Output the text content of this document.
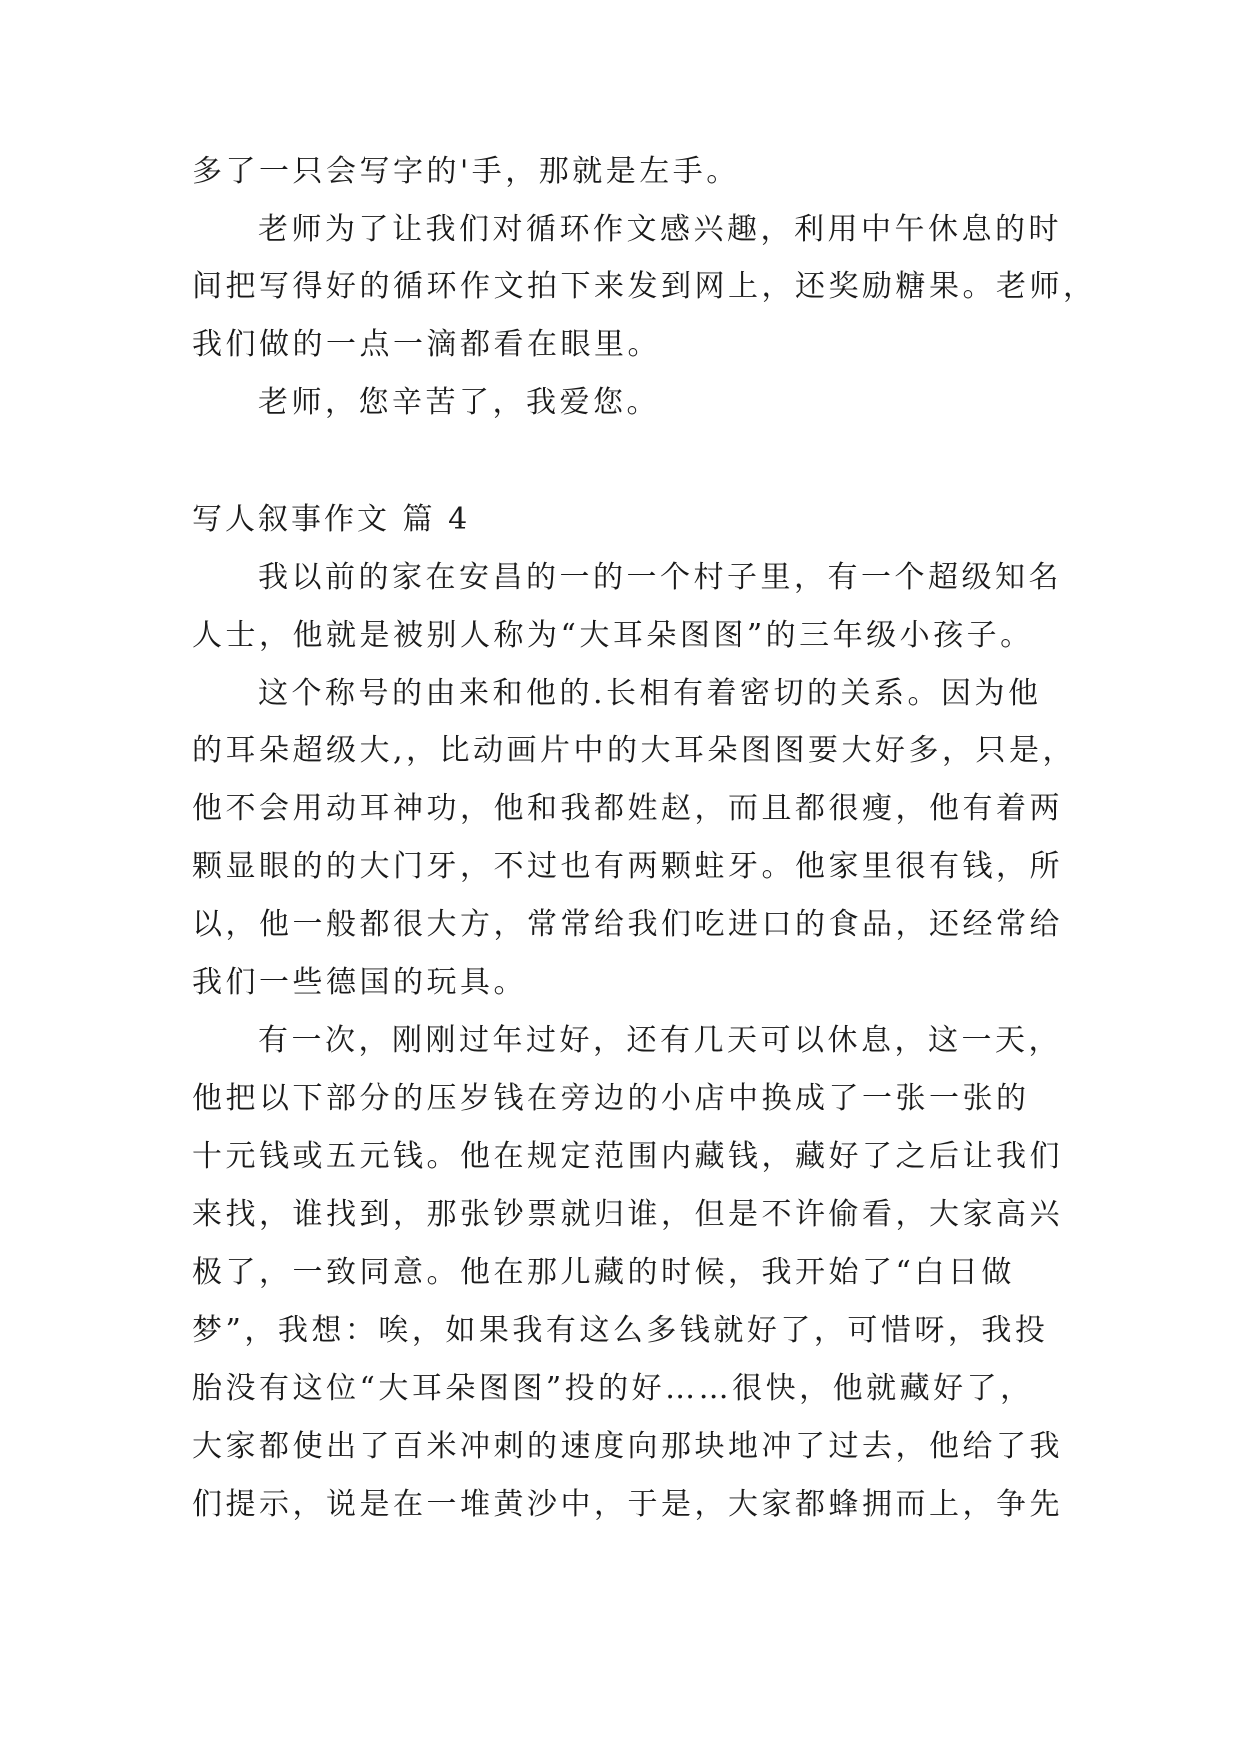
多了一只会写字的'手，那就是左手。
老师为了让我们对循环作文感兴趣，利用中午休息的时
间把写得好的循环作文拍下来发到网上，还奖励糖果。老师，
我们做的一点一滴都看在眼里。
老师，您辛苦了，我爱您。
写人叙事作文 篇 4
我以前的家在安昌的一的一个村子里，有一个超级知名
人士，他就是被别人称为“大耳朵图图”的三年级小孩子。
这个称号的由来和他的.长相有着密切的关系。因为他
的耳朵超级大,，比动画片中的大耳朵图图要大好多，只是，
他不会用动耳神功，他和我都姓赵，而且都很瘦，他有着两
颗显眼的的大门牙，不过也有两颗蛀牙。他家里很有钱，所
以，他一般都很大方，常常给我们吃进口的食品，还经常给
我们一些德国的玩具。
有一次，刚刚过年过好，还有几天可以休息，这一天，
他把以下部分的压岁钱在旁边的小店中换成了一张一张的
十元钱或五元钱。他在规定范围内藏钱，藏好了之后让我们
来找，谁找到，那张钞票就归谁，但是不许偷看，大家高兴
极了，一致同意。他在那儿藏的时候，我开始了“白日做
梦”，我想：唉，如果我有这么多钱就好了，可惜呀，我投
胎没有这位“大耳朵图图”投的好……很快，他就藏好了，
大家都使出了百米冲刺的速度向那块地冲了过去，他给了我
们提示，说是在一堆黄沙中，于是，大家都蜂拥而上，争先
